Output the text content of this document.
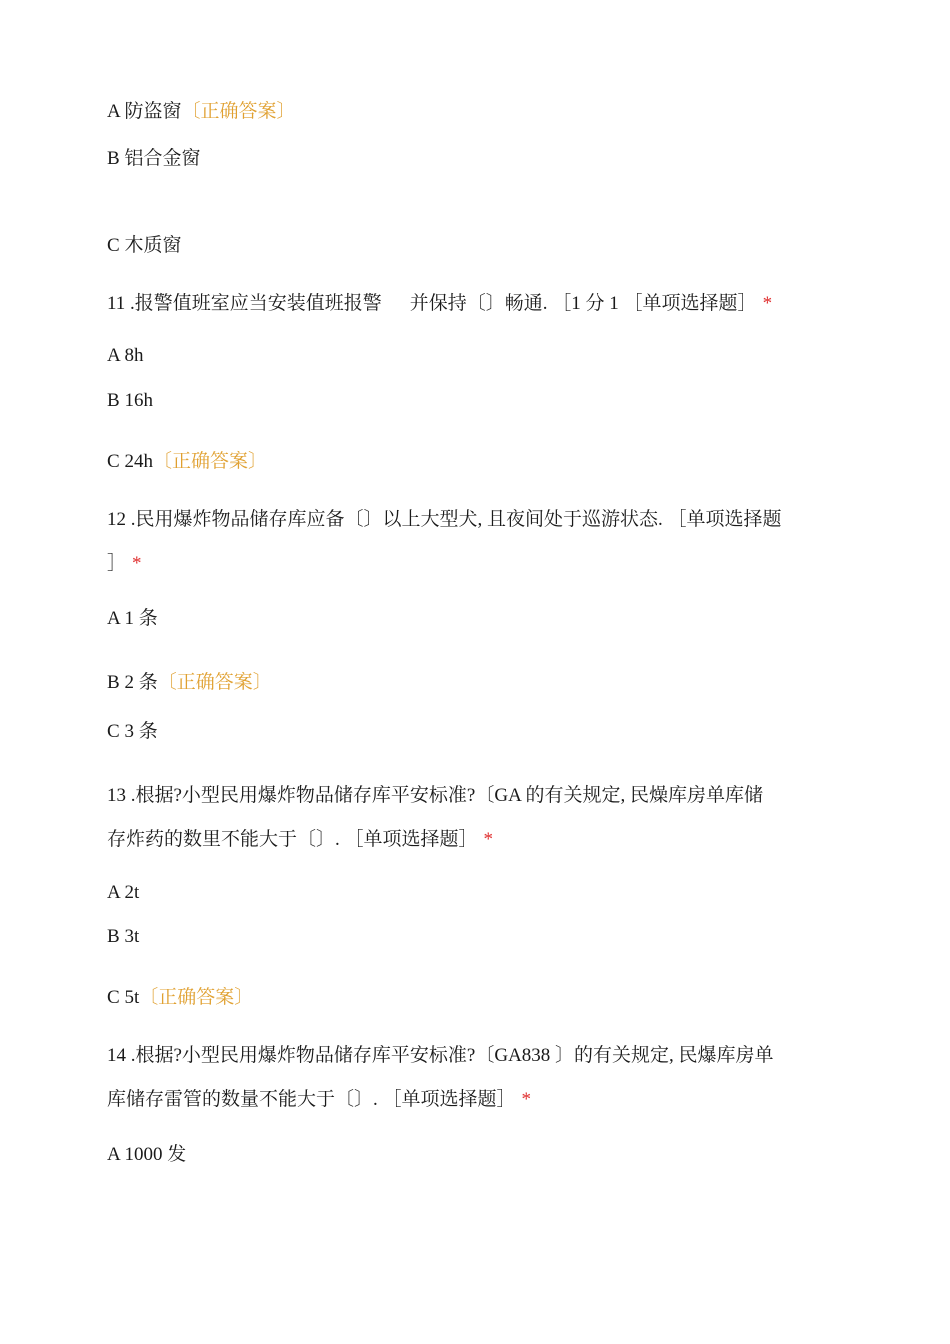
A 防盗窗〔正确答案〕
B 铝合金窗
C 木质窗
11 .报警值班室应当安装值班报警 并保持〔〕畅通. ［1 分 1 ［单项选择题］ *
A 8h
B 16h
C 24h〔正确答案〕
12 .民用爆炸物品储存库应备〔〕以上大型犬, 且夜间处于巡游状态. ［单项选择题
］ *
A 1 条
B 2 条〔正确答案〕
C 3 条
13 .根据?小型民用爆炸物品储存库平安标准?〔GA 的有关规定, 民燥库房单库储
存炸药的数里不能大于〔〕. ［单项选择题］ *
A 2t
B 3t
C 5t〔正确答案〕
14 .根据?小型民用爆炸物品储存库平安标准?〔GA838 〕的有关规定, 民爆库房单
库储存雷管的数量不能大于〔〕. ［单项选择题］ *
A 1000 发
